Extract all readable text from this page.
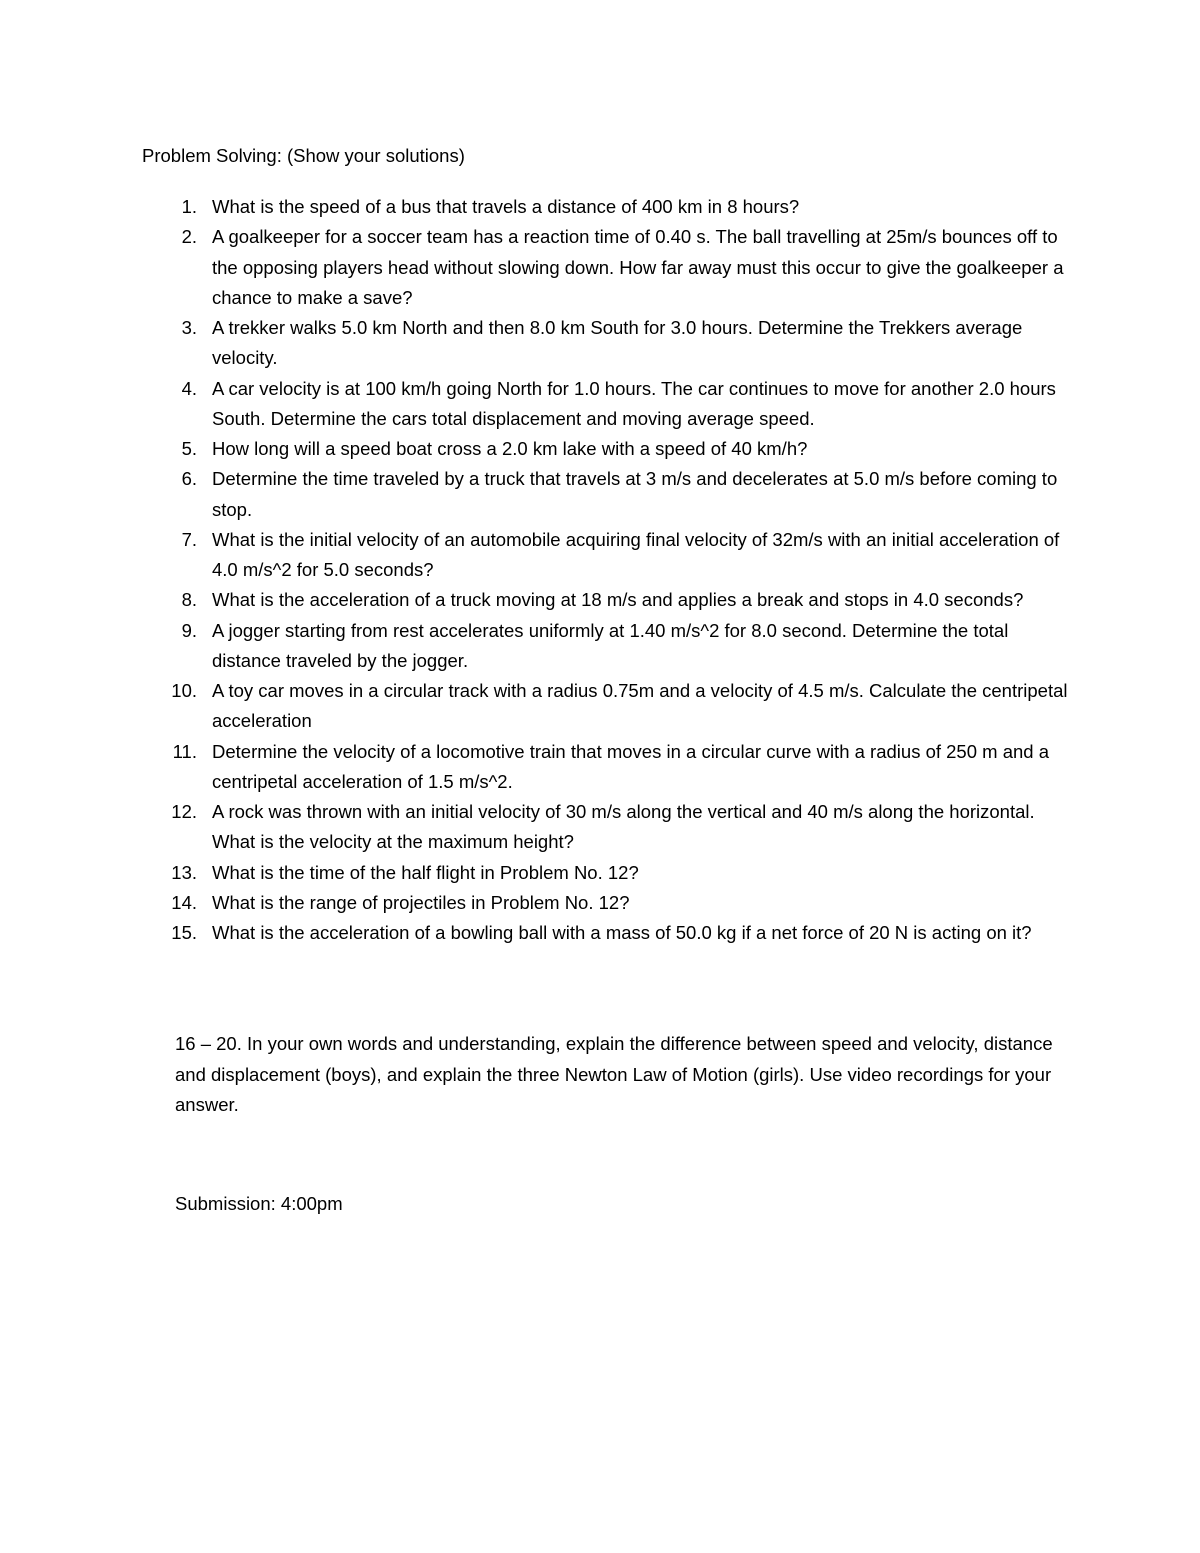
Problem Solving: (Show your solutions)
1. What is the speed of a bus that travels a distance of 400 km in 8 hours?
2. A goalkeeper for a soccer team has a reaction time of 0.40 s. The ball travelling at 25m/s bounces off to the opposing players head without slowing down. How far away must this occur to give the goalkeeper a chance to make a save?
3. A trekker walks 5.0 km North and then 8.0 km South for 3.0 hours. Determine the Trekkers average velocity.
4. A car velocity is at 100 km/h going North for 1.0 hours. The car continues to move for another 2.0 hours South. Determine the cars total displacement and moving average speed.
5. How long will a speed boat cross a 2.0 km lake with a speed of 40 km/h?
6. Determine the time traveled by a truck that travels at 3 m/s and decelerates at 5.0 m/s before coming to stop.
7. What is the initial velocity of an automobile acquiring final velocity of 32m/s with an initial acceleration of 4.0 m/s^2 for 5.0 seconds?
8. What is the acceleration of a truck moving at 18 m/s and applies a break and stops in 4.0 seconds?
9. A jogger starting from rest accelerates uniformly at 1.40 m/s^2 for 8.0 second. Determine the total distance traveled by the jogger.
10. A toy car moves in a circular track with a radius 0.75m and a velocity of 4.5 m/s. Calculate the centripetal acceleration
11. Determine the velocity of a locomotive train that moves in a circular curve with a radius of 250 m and a centripetal acceleration of 1.5 m/s^2.
12. A rock was thrown with an initial velocity of 30 m/s along the vertical and 40 m/s along the horizontal. What is the velocity at the maximum height?
13. What is the time of the half flight in Problem No. 12?
14. What is the range of projectiles in Problem No. 12?
15. What is the acceleration of a bowling ball with a mass of 50.0 kg if a net force of 20 N is acting on it?
16 – 20. In your own words and understanding, explain the difference between speed and velocity, distance and displacement (boys), and explain the three Newton Law of Motion (girls). Use video recordings for your answer.
Submission: 4:00pm
